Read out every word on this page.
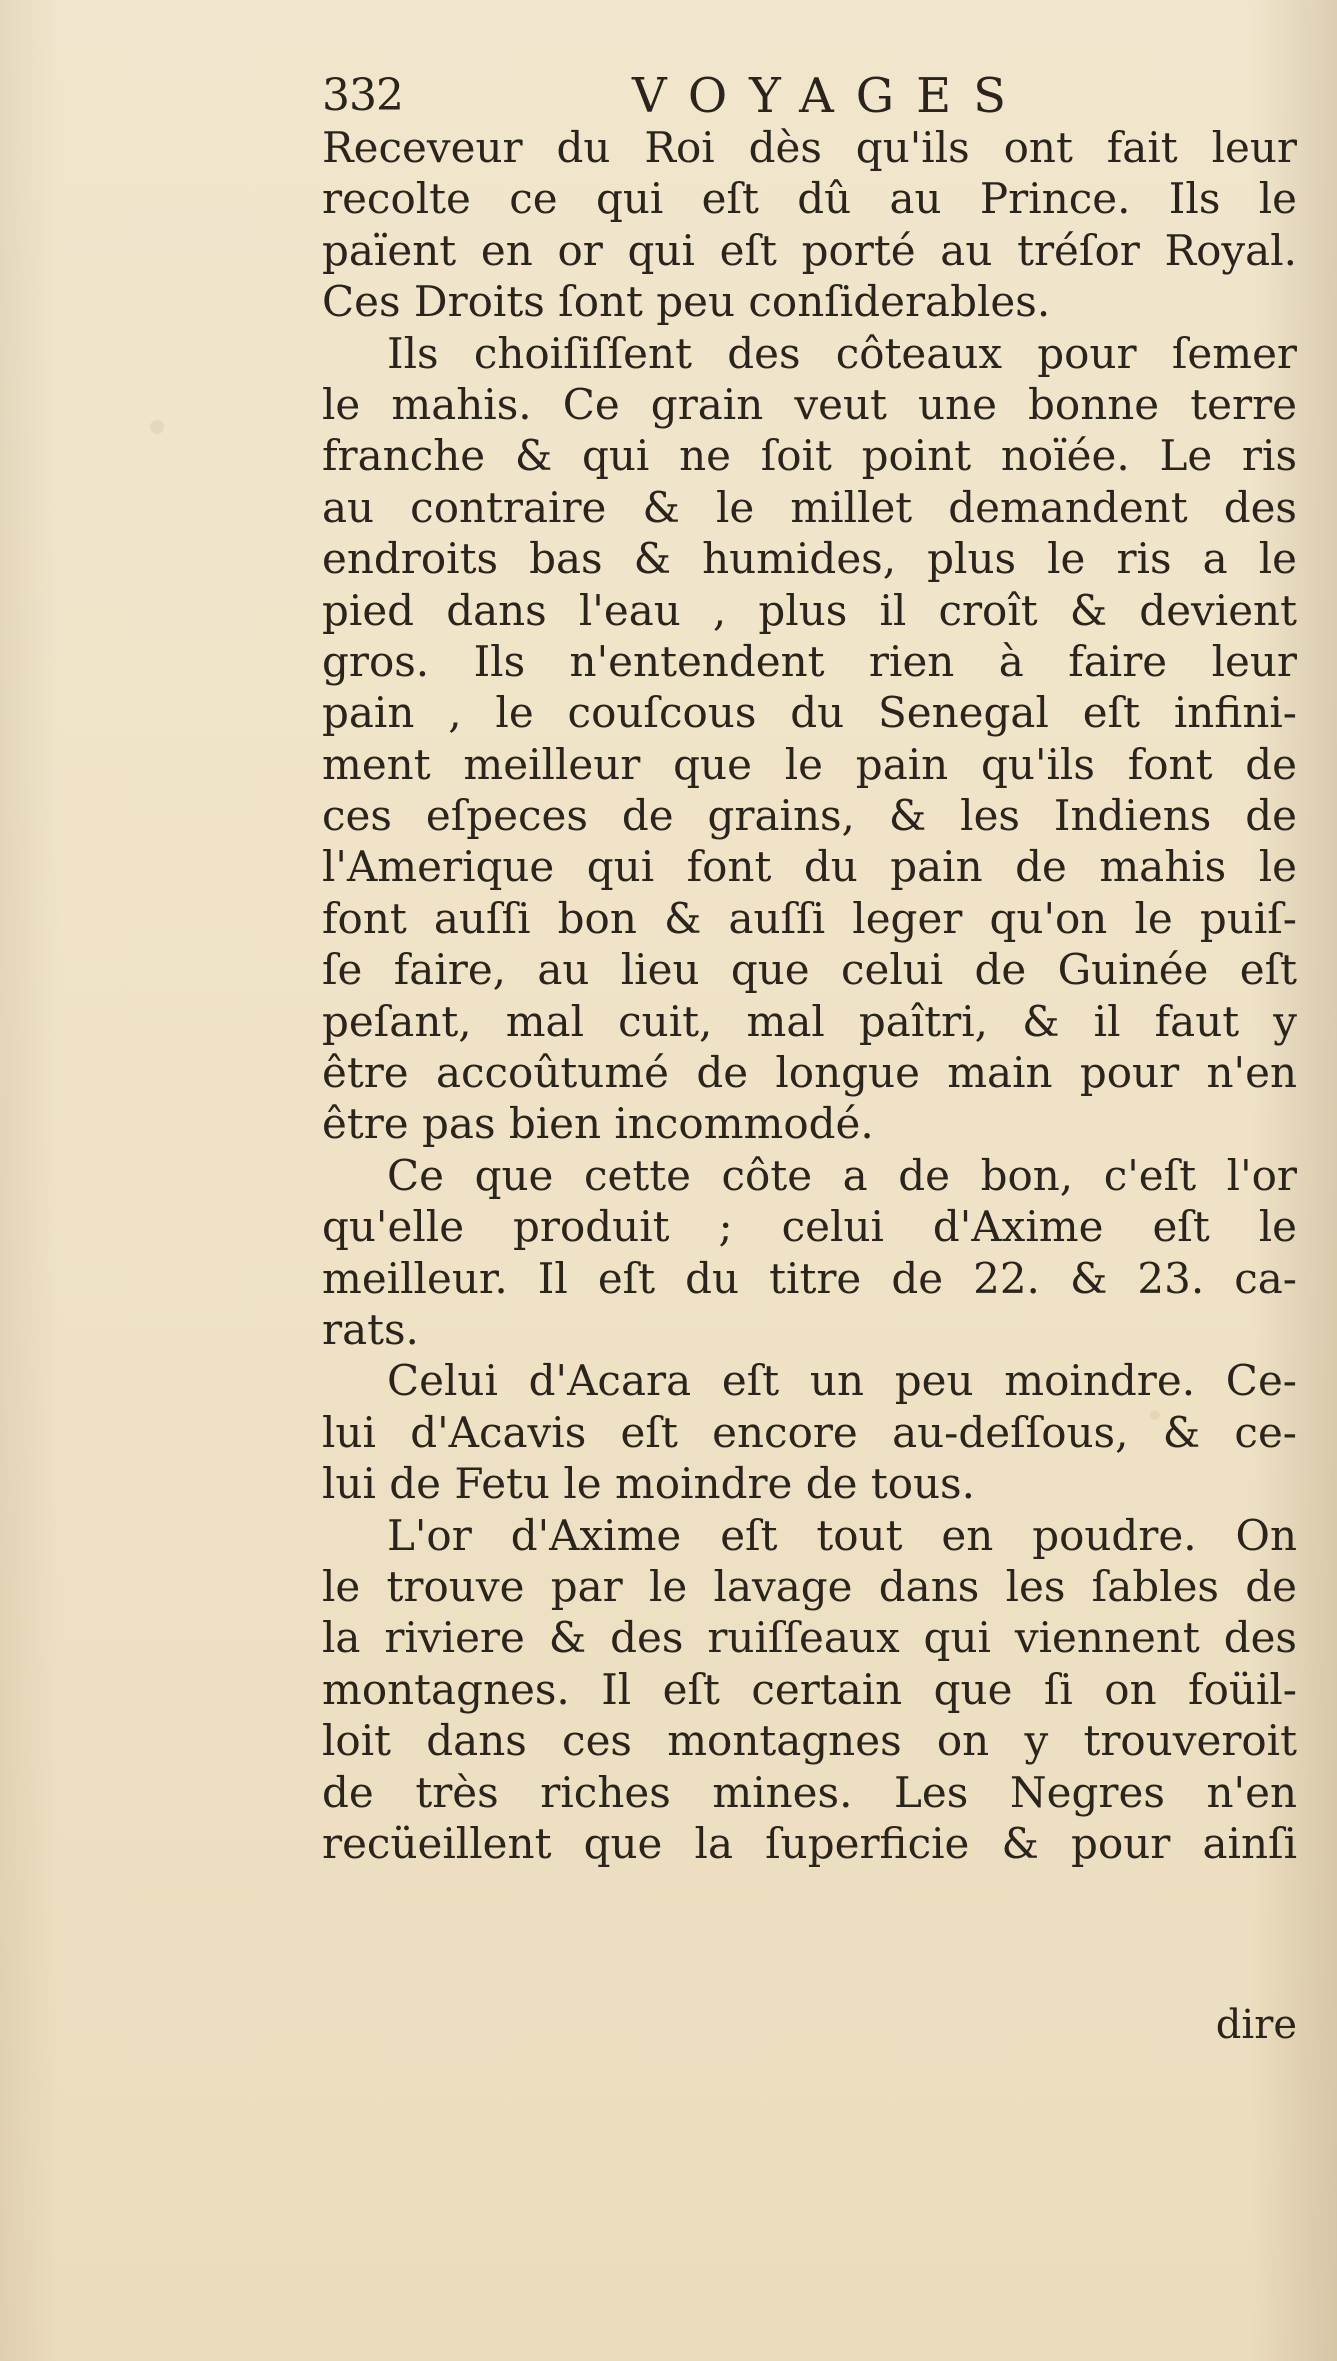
332	VOYAGES
Receveur du Roi dès qu'ils ont fait leur
recolte ce qui eſt dû au Prince. Ils le
païent en or qui eſt porté au tréſor Royal.
Ces Droits ſont peu conſiderables.
Ils choiſiſſent des côteaux pour ſemer
le mahis. Ce grain veut une bonne terre
franche & qui ne ſoit point noïée. Le ris
au contraire & le millet demandent des
endroits bas & humides, plus le ris a le
pied dans l'eau , plus il croît & devient
gros. Ils n'entendent rien à faire leur
pain , le couſcous du Senegal eſt infini-
ment meilleur que le pain qu'ils font de
ces eſpeces de grains, & les Indiens de
l'Amerique qui font du pain de mahis le
font auſſi bon & auſſi leger qu'on le puiſ-
ſe faire, au lieu que celui de Guinée eſt
peſant, mal cuit, mal paîtri, & il faut y
être accoûtumé de longue main pour n'en
être pas bien incommodé.
Ce que cette côte a de bon, c'eſt l'or
qu'elle produit ; celui d'Axime eſt le
meilleur. Il eſt du titre de 22. & 23. ca-
rats.
Celui d'Acara eſt un peu moindre. Ce-
lui d'Acavis eſt encore au-deſſous, & ce-
lui de Fetu le moindre de tous.
L'or d'Axime eſt tout en poudre. On
le trouve par le lavage dans les ſables de
la riviere & des ruiſſeaux qui viennent des
montagnes. Il eſt certain que ſi on foüil-
loit dans ces montagnes on y trouveroit
de très riches mines. Les Negres n'en
recüeillent que la ſuperficie & pour ainſi
dire
